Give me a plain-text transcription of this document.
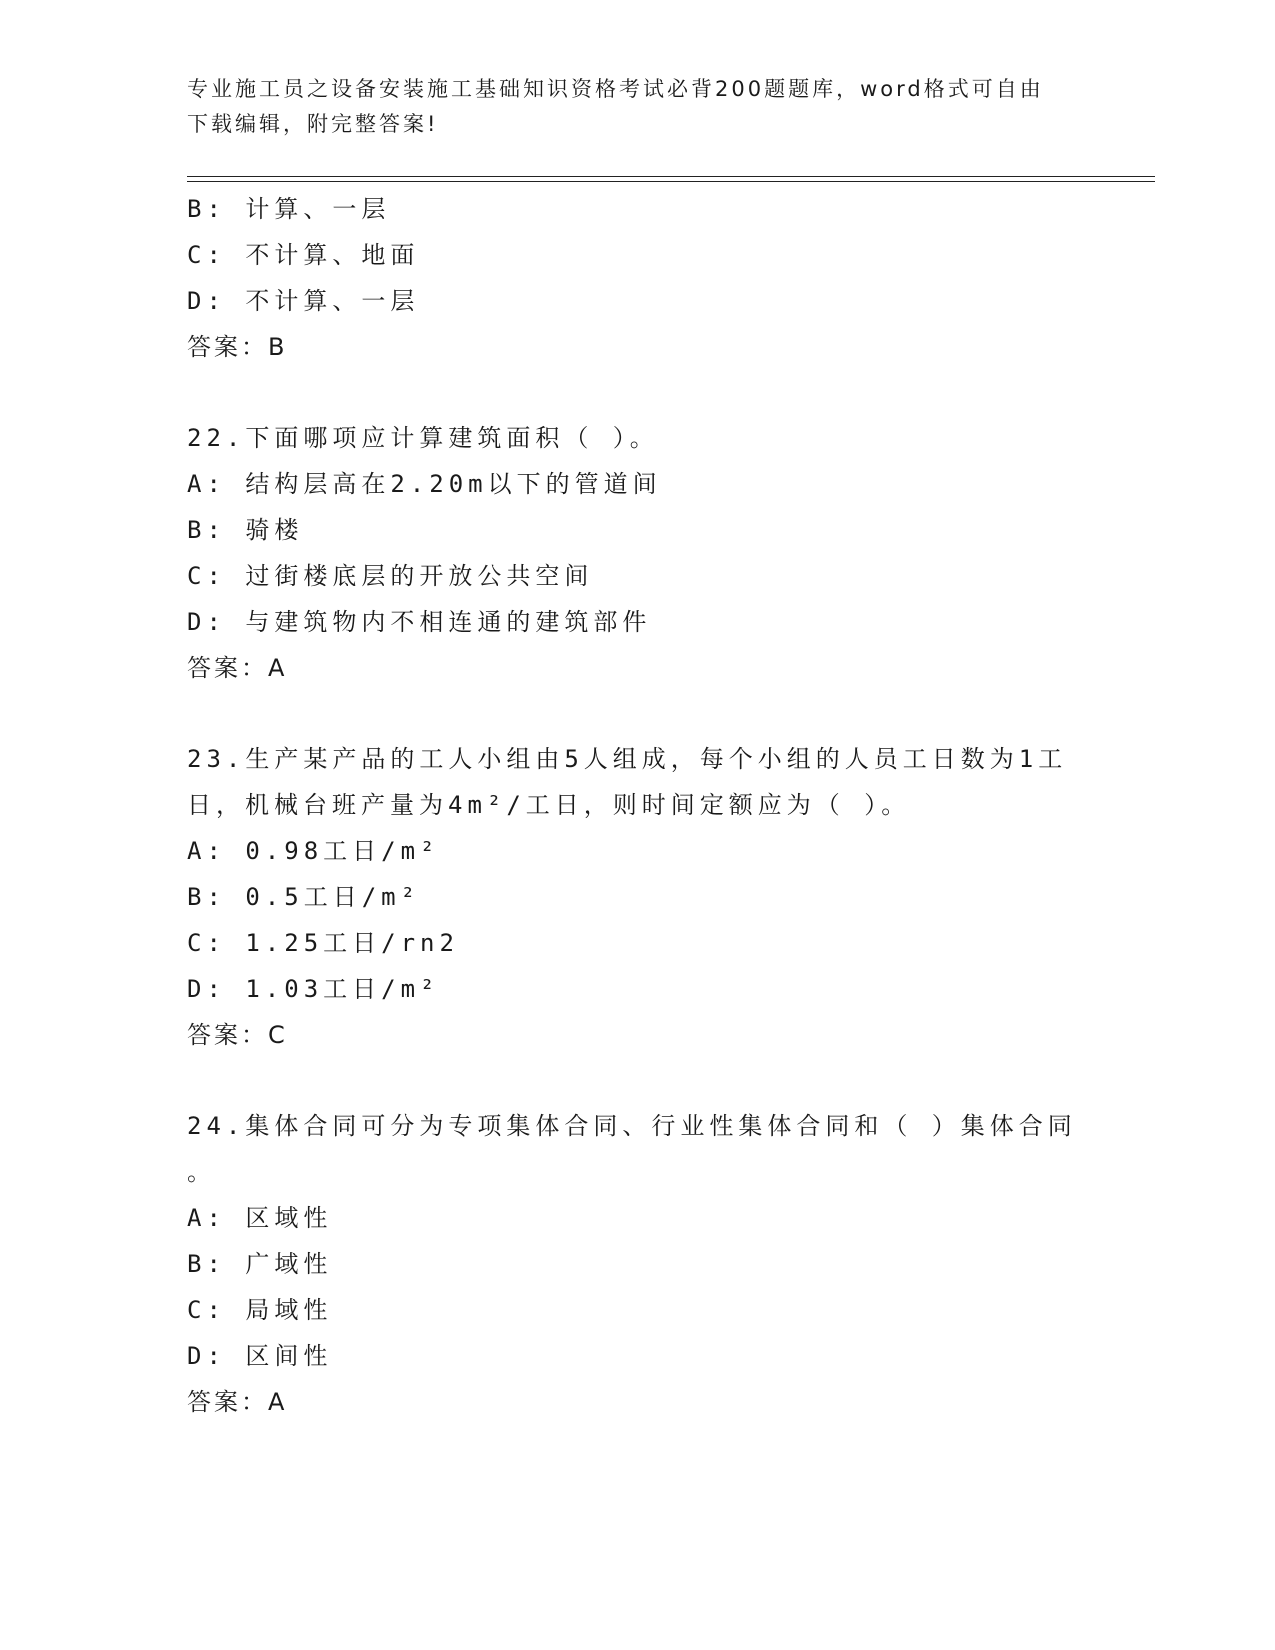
专业施工员之设备安装施工基础知识资格考试必背200题题库，word格式可自由
下载编辑，附完整答案!
B: 计算、一层
C: 不计算、地面
D: 不计算、一层
答案：B
22.下面哪项应计算建筑面积（ ）。
A: 结构层高在2.20m以下的管道间
B: 骑楼
C: 过街楼底层的开放公共空间
D: 与建筑物内不相连通的建筑部件
答案：A
23.生产某产品的工人小组由5人组成，每个小组的人员工日数为1工
日，机械台班产量为4m²/工日，则时间定额应为（ ）。
A: 0.98工日/m²
B: 0.5工日/m²
C: 1.25工日/rn2
D: 1.03工日/m²
答案：C
24.集体合同可分为专项集体合同、行业性集体合同和（ ）集体合同
。
A: 区域性
B: 广域性
C: 局域性
D: 区间性
答案：A
